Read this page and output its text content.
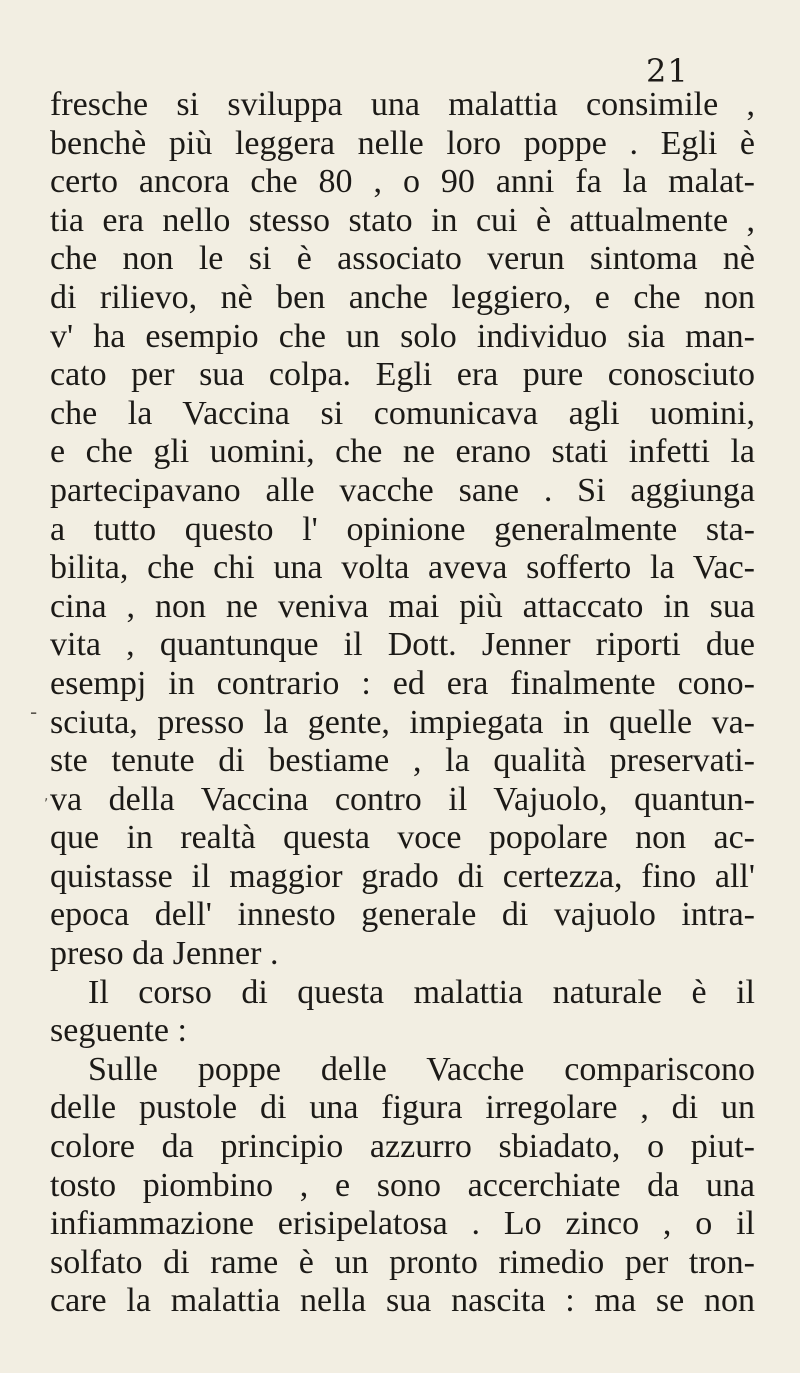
21
-
,
fresche si sviluppa una malattia consimile ,
benchè più leggera nelle loro poppe . Egli è
certo ancora che 80 , o 90 anni fa la malat-
tia era nello stesso stato in cui è attualmente ,
che non le si è associato verun sintoma nè
di rilievo, nè ben anche leggiero, e che non
v' ha esempio che un solo individuo sia man-
cato per sua colpa. Egli era pure conosciuto
che la Vaccina si comunicava agli uomini,
e che gli uomini, che ne erano stati infetti la
partecipavano alle vacche sane . Si aggiunga
a tutto questo l' opinione generalmente sta-
bilita, che chi una volta aveva sofferto la Vac-
cina , non ne veniva mai più attaccato in sua
vita , quantunque il Dott. Jenner riporti due
esempj in contrario : ed era finalmente cono-
sciuta, presso la gente, impiegata in quelle va-
ste tenute di bestiame , la qualità preservati-
va della Vaccina contro il Vajuolo, quantun-
que in realtà questa voce popolare non ac-
quistasse il maggior grado di certezza, fino all'
epoca dell' innesto generale di vajuolo intra-
preso da Jenner .
Il corso di questa malattia naturale è il
seguente :
Sulle poppe delle Vacche compariscono
delle pustole di una figura irregolare , di un
colore da principio azzurro sbiadato, o piut-
tosto piombino , e sono accerchiate da una
infiammazione erisipelatosa . Lo zinco , o il
solfato di rame è un pronto rimedio per tron-
care la malattia nella sua nascita : ma se non
